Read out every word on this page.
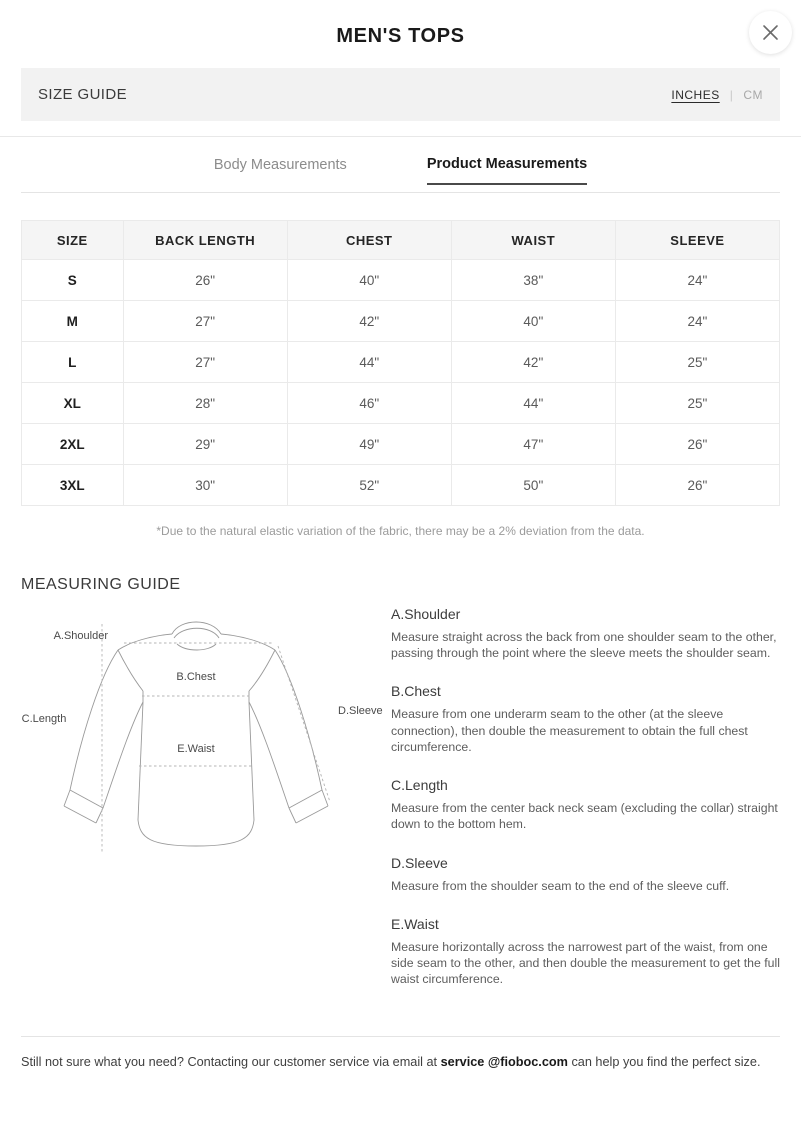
MEN'S TOPS
SIZE GUIDE	INCHES | CM
Body Measurements	Product Measurements
SIZE	BACK LENGTH	CHEST	WAIST	SLEEVE
S	26"	40"	38"	24"
M	27"	42"	40"	24"
L	27"	44"	42"	25"
XL	28"	46"	44"	25"
2XL	29"	49"	47"	26"
3XL	30"	52"	50"	26"
*Due to the natural elastic variation of the fabric, there may be a 2% deviation from the data.
MEASURING GUIDE
A.Shoulder
B.Chest
C.Length
D.Sleeve
E.Waist
A.Shoulder
Measure straight across the back from one shoulder seam to the other, passing through the point where the sleeve meets the shoulder seam.
B.Chest
Measure from one underarm seam to the other (at the sleeve connection), then double the measurement to obtain the full chest circumference.
C.Length
Measure from the center back neck seam (excluding the collar) straight down to the bottom hem.
D.Sleeve
Measure from the shoulder seam to the end of the sleeve cuff.
E.Waist
Measure horizontally across the narrowest part of the waist, from one side seam to the other, and then double the measurement to get the full waist circumference.
Still not sure what you need? Contacting our customer service via email at service @fioboc.com can help you find the perfect size.
